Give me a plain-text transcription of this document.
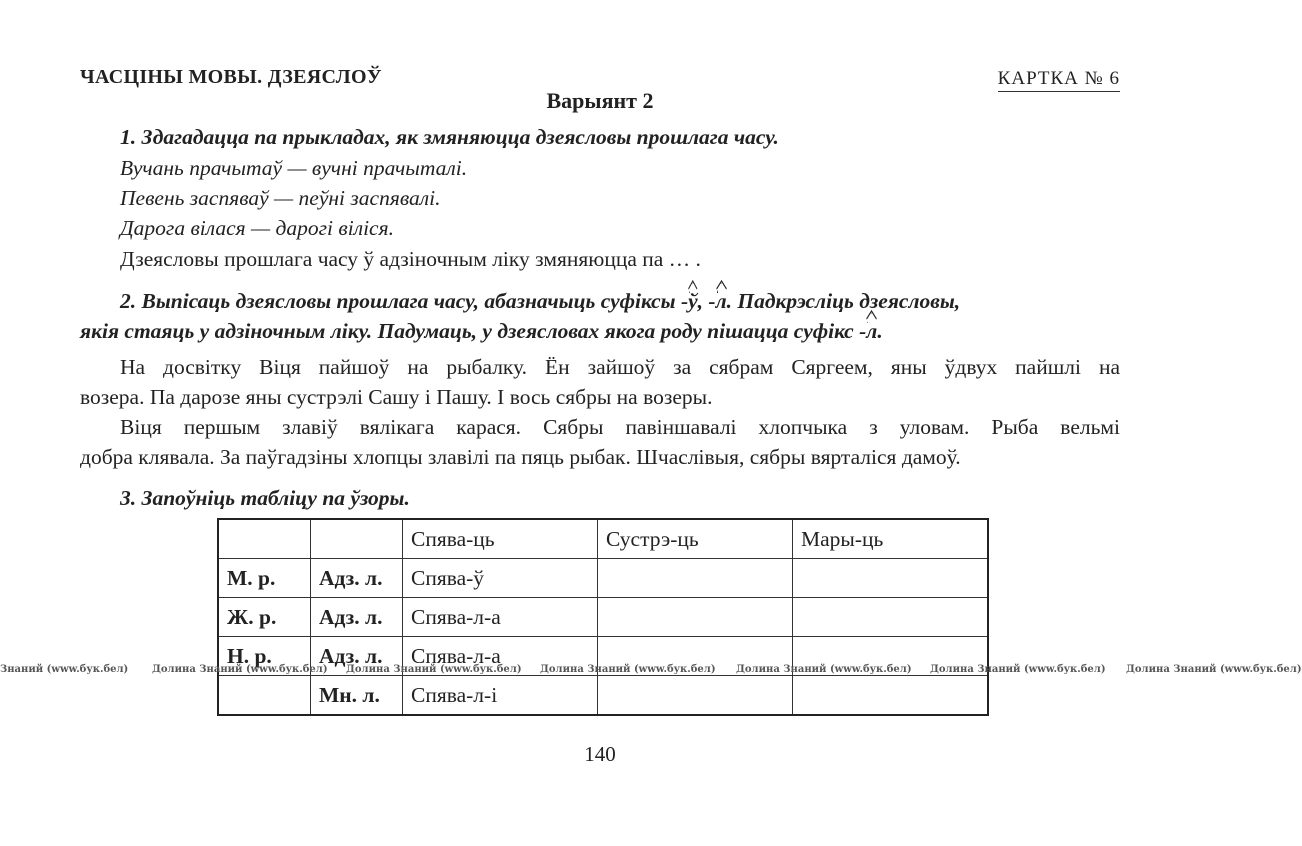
ЧАСЦІНЫ МОВЫ. ДЗЕЯСЛОЎ	КАРТКА № 6
Варыянт 2
1. Здагадацца па прыкладах, як змяняюцца дзеясловы прошлага часу.
Вучань прачытаў — вучні прачыталі.
Певень заспяваў — пеўні заспявалі.
Дарога вілася — дарогі віліся.
Дзеясловы прошлага часу ў адзіночным ліку змяняюцца па … .
2. Выпісаць дзеясловы прошлага часу, абазначыць суфіксы -
ў, -
л. Падкрэсліць дзеясловы,
якія стаяць у адзіночным ліку. Падумаць, у дзеясловах якога роду пішацца суфікс -
л.
На досвітку Віця пайшоў на рыбалку. Ён зайшоў за сябрам Сяргеем, яны ўдвух пайшлі на
возера. Па дарозе яны сустрэлі Сашу і Пашу. І вось сябры на возеры.
Віця першым злавіў вялікага карася. Сябры павіншавалі хлопчыка з уловам. Рыба вельмі
добра клявала. За паўгадзіны хлопцы злавілі па пяць рыбак. Шчаслівыя, сябры вярталіся дамоў.
3. Запоўніць табліцу па ўзоры.
		Спява-ць	Сустрэ-ць	Мары-ць
М. р.	Адз. л.	Спява-ў		
Ж. р.	Адз. л.	Спява-л-а		
Н. р.	Адз. л.	Спява-л-а		
	Мн. л.	Спява-л-і		
Знаний (www.бук.бел) Долина Знаний (www.бук.бел) Долина Знаний (www.бук.бел) Долина Знаний (www.бук.бел) Долина Знаний (www.бук.бел) Долина Знаний (www.бук.бел) Долина Знаний (www.бук.бел)
140
